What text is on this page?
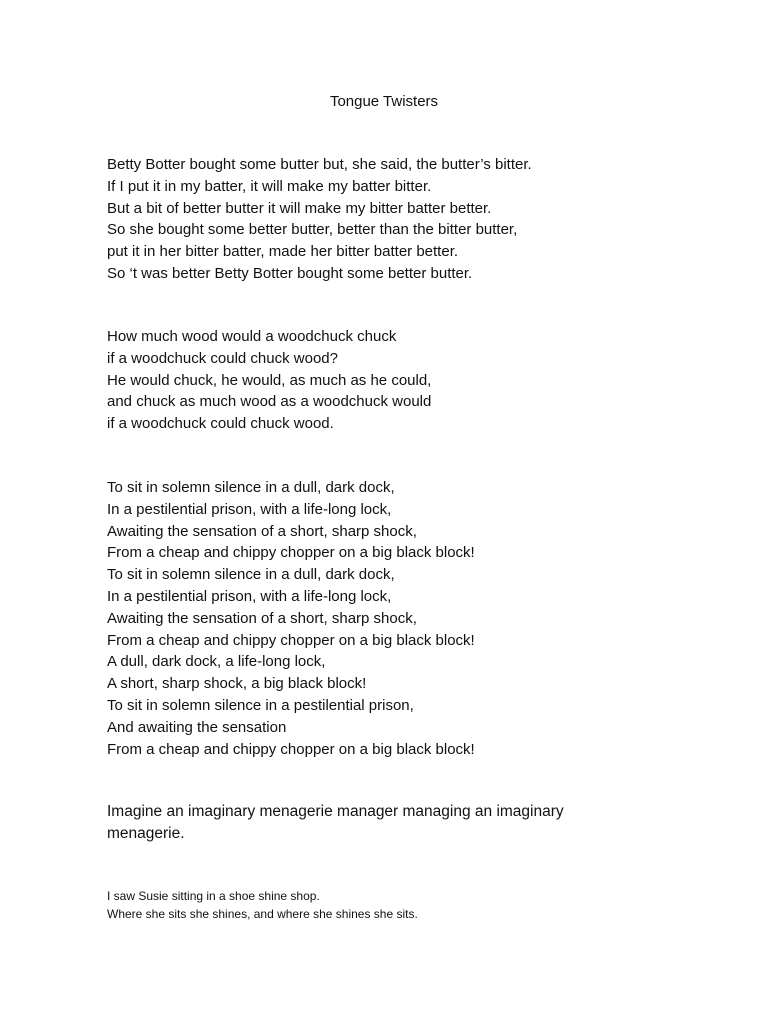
Tongue Twisters
Betty Botter bought some butter but, she said, the butter’s bitter.
If I put it in my batter, it will make my batter bitter.
But a bit of better butter it will make my bitter batter better.
So she bought some better butter, better than the bitter butter,
put it in her bitter batter, made her bitter batter better.
So ‘t was better Betty Botter bought some better butter.
How much wood would a woodchuck chuck
if a woodchuck could chuck wood?
He would chuck, he would, as much as he could,
and chuck as much wood as a woodchuck would
if a woodchuck could chuck wood.
To sit in solemn silence in a dull, dark dock,
In a pestilential prison, with a life-long lock,
Awaiting the sensation of a short, sharp shock,
From a cheap and chippy chopper on a big black block!
To sit in solemn silence in a dull, dark dock,
In a pestilential prison, with a life-long lock,
Awaiting the sensation of a short, sharp shock,
From a cheap and chippy chopper on a big black block!
A dull, dark dock, a life-long lock,
A short, sharp shock, a big black block!
To sit in solemn silence in a pestilential prison,
And awaiting the sensation
From a cheap and chippy chopper on a big black block!
Imagine an imaginary menagerie manager managing an imaginary menagerie.
I saw Susie sitting in a shoe shine shop.
Where she sits she shines, and where she shines she sits.
